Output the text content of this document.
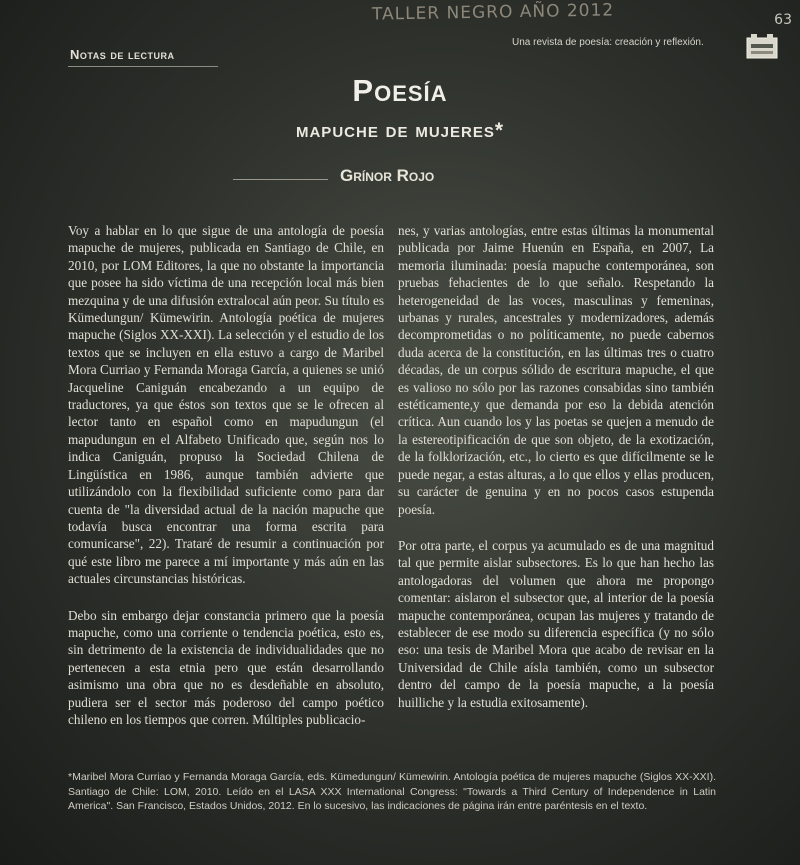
TALLER NEGRO AÑO 2012	63
Notas de lectura
Una revista de poesía: creación y reflexión.
Poesía
mapuche de mujeres*
Grínor Rojo

Voy a hablar en lo que sigue de una antología de poesía mapuche de mujeres, publicada en Santiago de Chile, en 2010, por LOM Editores, la que no obstante la importancia que posee ha sido víctima de una recepción local más bien mezquina y de una difusión extralocal aún peor. Su título es Kümedungun/ Kümewirin. Antología poética de mujeres mapuche (Siglos XX-XXI). La selección y el estudio de los textos que se incluyen en ella estuvo a cargo de Maribel Mora Curriao y Fernanda Moraga García, a quienes se unió Jacqueline Caniguán encabezando a un equipo de traductores, ya que éstos son textos que se le ofrecen al lector tanto en español como en mapudungun (el mapudungun en el Alfabeto Unificado que, según nos lo indica Caniguán, propuso la Sociedad Chilena de Lingüística en 1986, aunque también advierte que utilizándolo con la flexibilidad suficiente como para dar cuenta de "la diversidad actual de la nación mapuche que todavía busca encontrar una forma escrita para comunicarse", 22). Trataré de resumir a continuación por qué este libro me parece a mí importante y más aún en las actuales circunstancias históricas.

Debo sin embargo dejar constancia primero que la poesía mapuche, como una corriente o tendencia poética, esto es, sin detrimento de la existencia de individualidades que no pertenecen a esta etnia pero que están desarrollando asimismo una obra que no es desdeñable en absoluto, pudiera ser el sector más poderoso del campo poético chileno en los tiempos que corren. Múltiples publicacio-

nes, y varias antologías, entre estas últimas la monumental publicada por Jaime Huenún en España, en 2007, La memoria iluminada: poesía mapuche contemporánea, son pruebas fehacientes de lo que señalo. Respetando la heterogeneidad de las voces, masculinas y femeninas, urbanas y rurales, ancestrales y modernizadores, además decomprometidas o no políticamente, no puede cabernos duda acerca de la constitución, en las últimas tres o cuatro décadas, de un corpus sólido de escritura mapuche, el que es valioso no sólo por las razones consabidas sino también estéticamente,y que demanda por eso la debida atención crítica. Aun cuando los y las poetas se quejen a menudo de la estereotipificación de que son objeto, de la exotización, de la folklorización, etc., lo cierto es que difícilmente se le puede negar, a estas alturas, a lo que ellos y ellas producen, su carácter de genuina y en no pocos casos estupenda poesía.

Por otra parte, el corpus ya acumulado es de una magnitud tal que permite aislar subsectores. Es lo que han hecho las antologadoras del volumen que ahora me propongo comentar: aislaron el subsector que, al interior de la poesía mapuche contemporánea, ocupan las mujeres y tratando de establecer de ese modo su diferencia específica (y no sólo eso: una tesis de Maribel Mora que acabo de revisar en la Universidad de Chile aísla también, como un subsector dentro del campo de la poesía mapuche, a la poesía huilliche y la estudia exitosamente).

*Maribel Mora Curriao y Fernanda Moraga García, eds. Kümedungun/ Kümewirin. Antología poética de mujeres mapuche (Siglos XX-XXI). Santiago de Chile: LOM, 2010. Leído en el LASA XXX International Congress: "Towards a Third Century of Independence in Latin America". San Francisco, Estados Unidos, 2012. En lo sucesivo, las indicaciones de página irán entre paréntesis en el texto.
